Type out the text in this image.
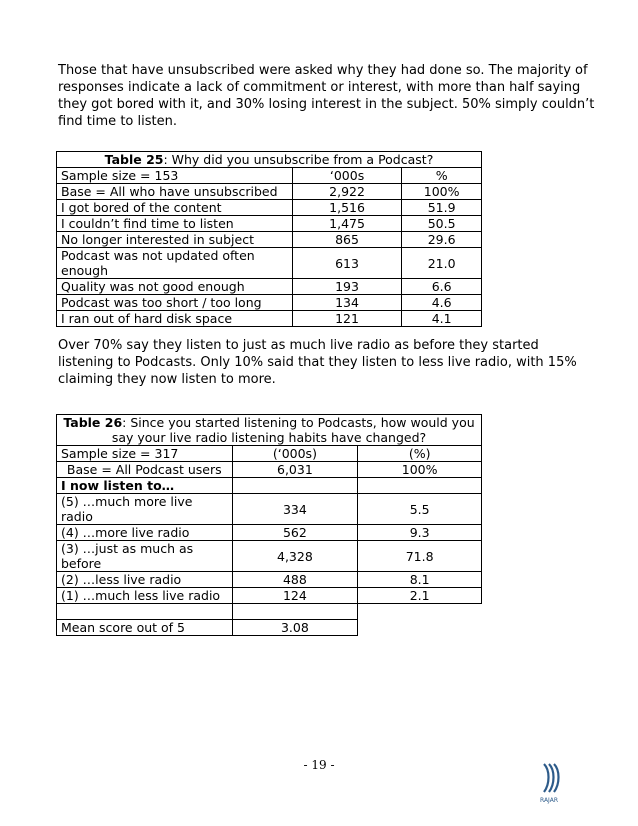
Those that have unsubscribed were asked why they had done so. The majority of responses indicate a lack of commitment or interest, with more than half saying they got bored with it, and 30% losing interest in the subject. 50% simply couldn’t find time to listen.

Table 25: Why did you unsubscribe from a Podcast?		
Sample size = 153	‘000s	%
Base = All who have unsubscribed	2,922	100%
I got bored of the content	1,516	51.9
I couldn’t find time to listen	1,475	50.5
No longer interested in subject	865	29.6
Podcast was not updated often enough	613	21.0
Quality was not good enough	193	6.6
Podcast was too short / too long	134	4.6
I ran out of hard disk space	121	4.1

Over 70% say they listen to just as much live radio as before they started listening to Podcasts. Only 10% said that they listen to less live radio, with 15% claiming they now listen to more.

Table 26: Since you started listening to Podcasts, how would you say your live radio listening habits have changed?		
Sample size = 317	(‘000s)	(%)
Base = All Podcast users	6,031	100%
I now listen to…		
(5) …much more live radio	334	5.5
(4) …more live radio	562	9.3
(3) …just as much as before	4,328	71.8
(2) …less live radio	488	8.1
(1) …much less live radio	124	2.1

Mean score out of 5	3.08	
- 19 -
RAJAR
